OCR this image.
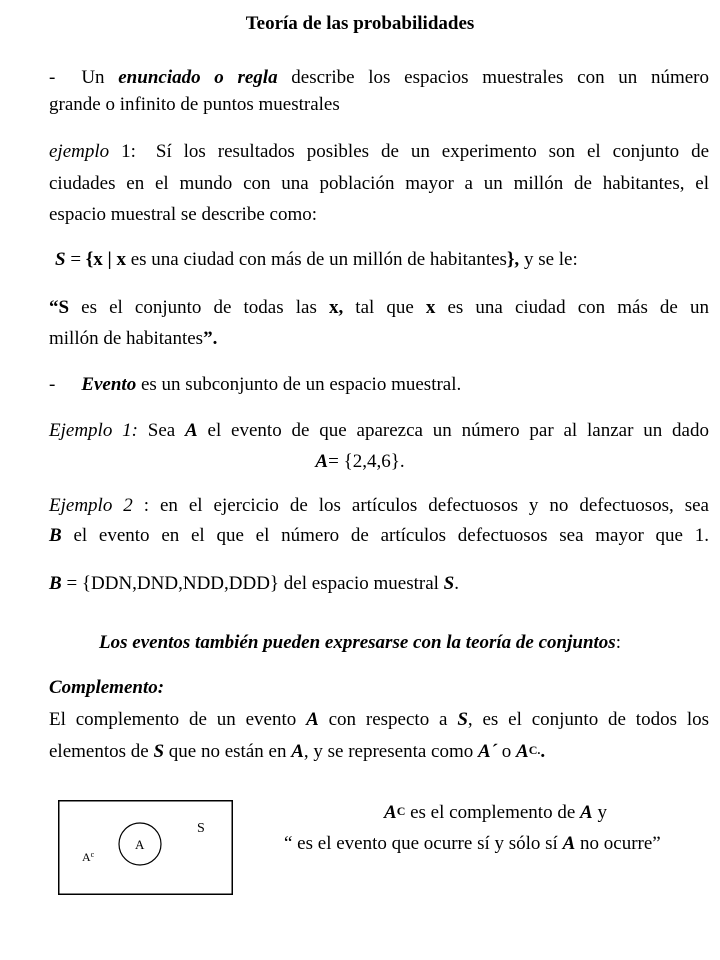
Teoría de las probabilidades
- Un enunciado o regla describe los espacios muestrales con un número
grande o infinito de puntos muestrales
ejemplo 1: Sí los resultados posibles de un experimento son el conjunto de
ciudades en el mundo con una población mayor a un millón de habitantes, el
espacio muestral se describe como:
S = {x | x es una ciudad con más de un millón de habitantes}, y se le:
“S es el conjunto de todas las x, tal que x es una ciudad con más de un
millón de habitantes”.
- Evento es un subconjunto de un espacio muestral.
Ejemplo 1: Sea A el evento de que aparezca un número par al lanzar un dado
A= {2,4,6}.
Ejemplo 2 : en el ejercicio de los artículos defectuosos y no defectuosos, sea
B el evento en el que el número de artículos defectuosos sea mayor que 1.
B = {DDN,DND,NDD,DDD} del espacio muestral S.
Los eventos también pueden expresarse con la teoría de conjuntos:
Complemento:
El complemento de un evento A con respecto a S, es el conjunto de todos los
elementos de S que no están en A, y se representa como A´ o $A^{C.}$.
S
A
$A^c$
$A^C$ es el complemento de A y
“ es el evento que ocurre sí y sólo sí A no ocurre”
